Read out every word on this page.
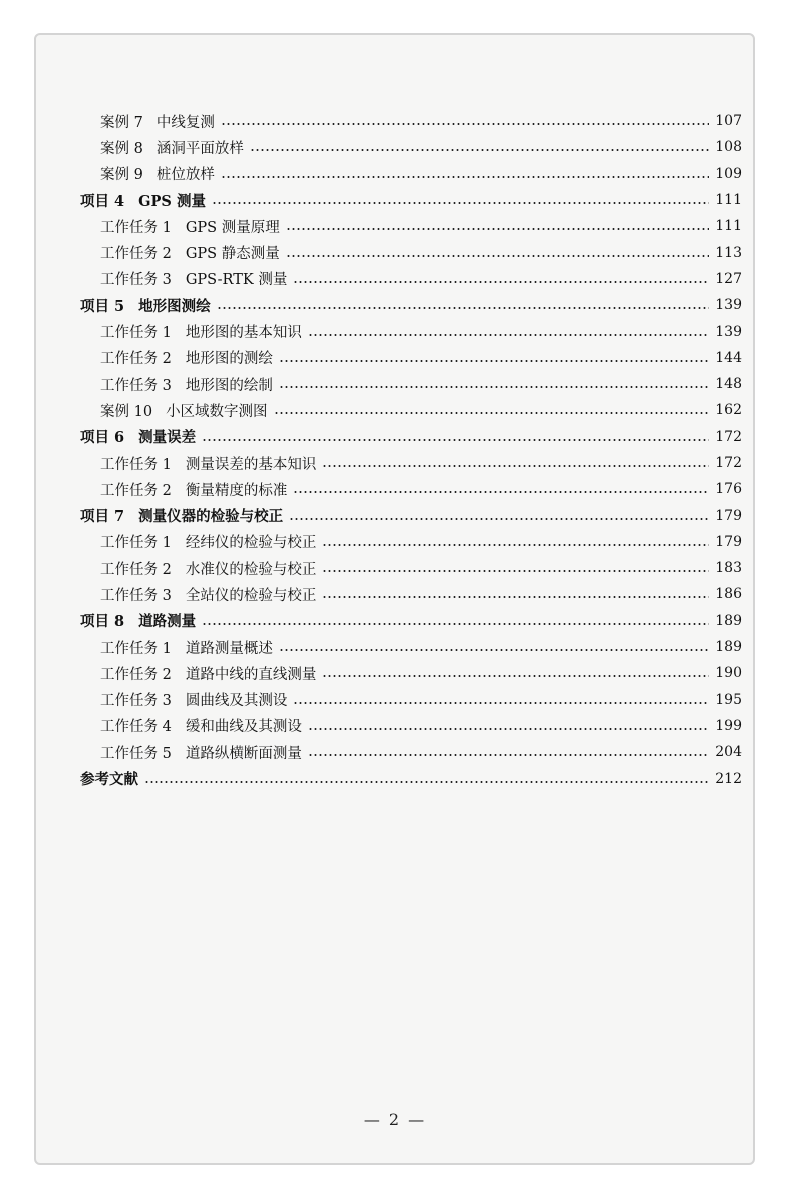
案例 7 中线复测	107
案例 8 涵洞平面放样	108
案例 9 桩位放样	109
项目 4 GPS 测量	111
工作任务 1 GPS 测量原理	111
工作任务 2 GPS 静态测量	113
工作任务 3 GPS-RTK 测量	127
项目 5 地形图测绘	139
工作任务 1 地形图的基本知识	139
工作任务 2 地形图的测绘	144
工作任务 3 地形图的绘制	148
案例 10 小区域数字测图	162
项目 6 测量误差	172
工作任务 1 测量误差的基本知识	172
工作任务 2 衡量精度的标准	176
项目 7 测量仪器的检验与校正	179
工作任务 1 经纬仪的检验与校正	179
工作任务 2 水准仪的检验与校正	183
工作任务 3 全站仪的检验与校正	186
项目 8 道路测量	189
工作任务 1 道路测量概述	189
工作任务 2 道路中线的直线测量	190
工作任务 3 圆曲线及其测设	195
工作任务 4 缓和曲线及其测设	199
工作任务 5 道路纵横断面测量	204
参考文献	212
— 2 —
